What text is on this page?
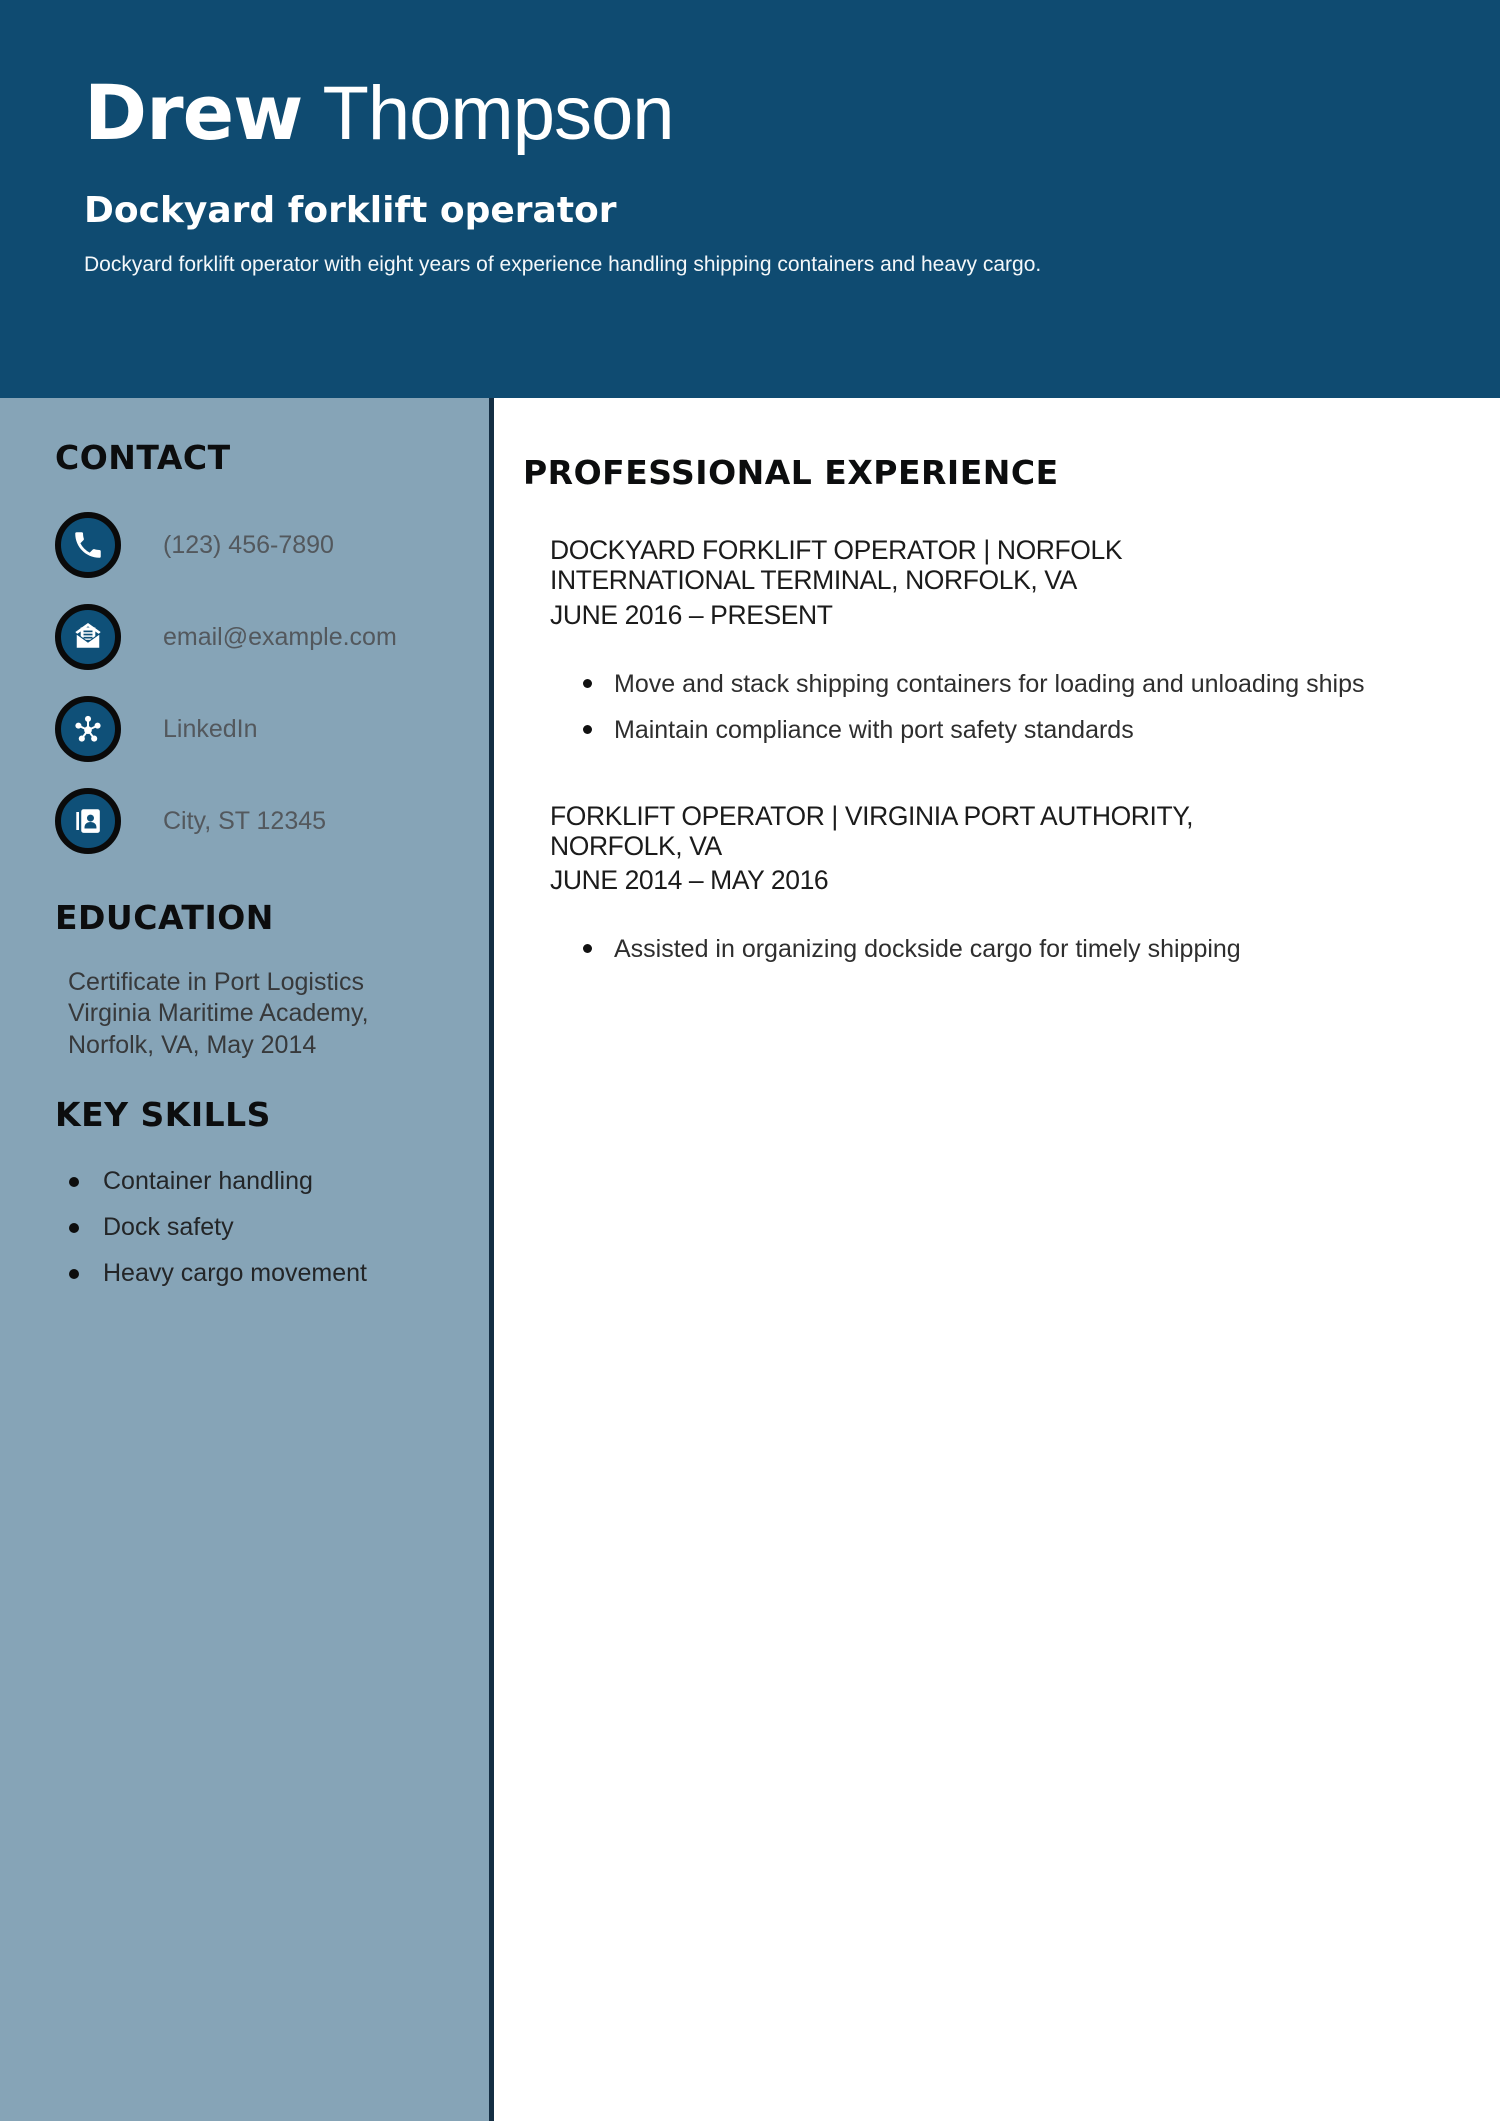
Drew Thompson
Dockyard forklift operator
Dockyard forklift operator with eight years of experience handling shipping containers and heavy cargo.
CONTACT
(123) 456-7890
email@example.com
LinkedIn
City, ST 12345
EDUCATION
Certificate in Port Logistics
Virginia Maritime Academy,
Norfolk, VA, May 2014
KEY SKILLS
Container handling
Dock safety
Heavy cargo movement
PROFESSIONAL EXPERIENCE
DOCKYARD FORKLIFT OPERATOR | NORFOLK INTERNATIONAL TERMINAL, NORFOLK, VA
JUNE 2016 – PRESENT
Move and stack shipping containers for loading and unloading ships
Maintain compliance with port safety standards
FORKLIFT OPERATOR | VIRGINIA PORT AUTHORITY, NORFOLK, VA
JUNE 2014 – MAY 2016
Assisted in organizing dockside cargo for timely shipping
